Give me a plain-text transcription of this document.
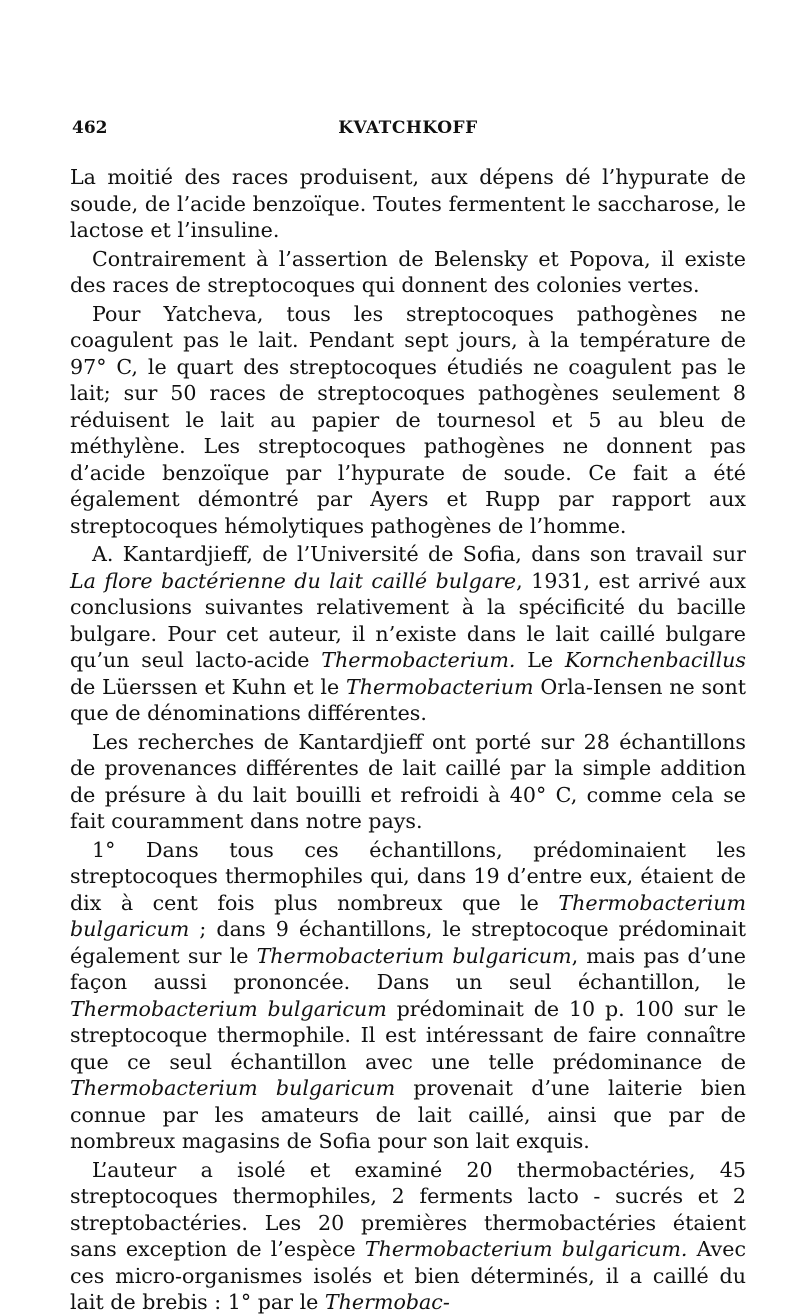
462	KVATCHKOFF

La moitié des races produisent, aux dépens dé l’hypurate de soude, de l’acide benzoïque. Toutes fermentent le saccharose, le lactose et l’insuline.

Contrairement à l’assertion de Belensky et Popova, il existe des races de streptocoques qui donnent des colonies vertes.

Pour Yatcheva, tous les streptocoques pathogènes ne coagulent pas le lait. Pendant sept jours, à la température de 97° C, le quart des streptocoques étudiés ne coagulent pas le lait; sur 50 races de streptocoques pathogènes seulement 8 réduisent le lait au papier de tournesol et 5 au bleu de méthylène. Les streptocoques pathogènes ne donnent pas d’acide benzoïque par l’hypurate de soude. Ce fait a été également démontré par Ayers et Rupp par rapport aux streptocoques hémolytiques pathogènes de l’homme.

A. Kantardjieff, de l’Université de Sofia, dans son travail sur La flore bactérienne du lait caillé bulgare, 1931, est arrivé aux conclusions suivantes relativement à la spécificité du bacille bulgare. Pour cet auteur, il n’existe dans le lait caillé bulgare qu’un seul lacto-acide Thermobacterium. Le Kornchenbacillus de Lüerssen et Kuhn et le Thermobacterium Orla-Iensen ne sont que de dénominations différentes.

Les recherches de Kantardjieff ont porté sur 28 échantillons de provenances différentes de lait caillé par la simple addition de présure à du lait bouilli et refroidi à 40° C, comme cela se fait couramment dans notre pays.

1° Dans tous ces échantillons, prédominaient les streptocoques thermophiles qui, dans 19 d’entre eux, étaient de dix à cent fois plus nombreux que le Thermobacterium bulgaricum ; dans 9 échantillons, le streptocoque prédominait également sur le Thermobacterium bulgaricum, mais pas d’une façon aussi prononcée. Dans un seul échantillon, le Thermobacterium bulgaricum prédominait de 10 p. 100 sur le streptocoque thermophile. Il est intéressant de faire connaître que ce seul échantillon avec une telle prédominance de Thermobacterium bulgaricum provenait d’une laiterie bien connue par les amateurs de lait caillé, ainsi que par de nombreux magasins de Sofia pour son lait exquis.

L’auteur a isolé et examiné 20 thermobactéries, 45 streptocoques thermophiles, 2 ferments lacto - sucrés et 2 streptobactéries. Les 20 premières thermobactéries étaient sans exception de l’espèce Thermobacterium bulgaricum. Avec ces micro-organismes isolés et bien déterminés, il a caillé du lait de brebis : 1° par le Thermobac-
